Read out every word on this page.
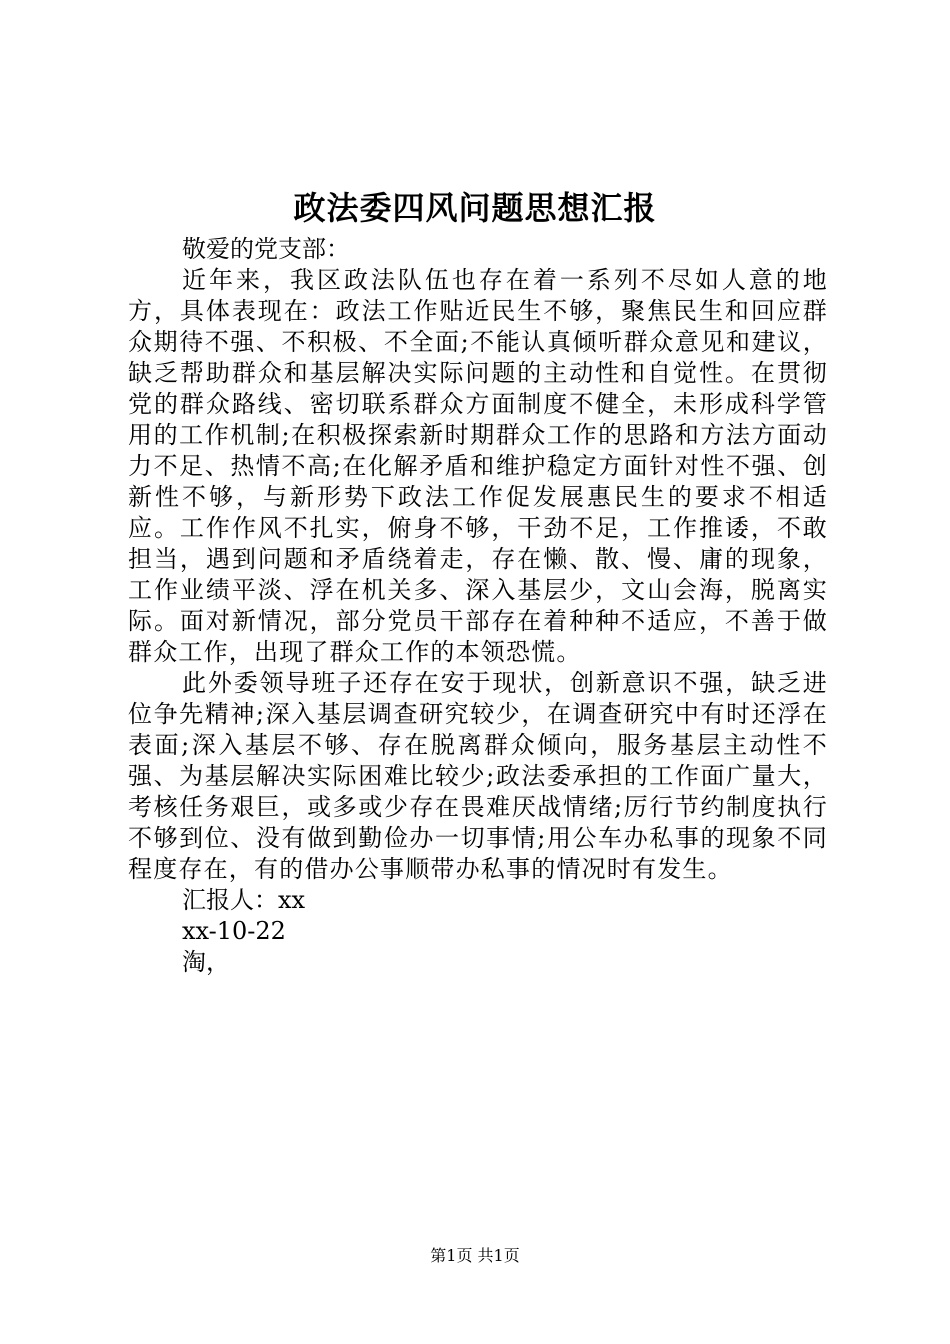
政法委四风问题思想汇报

敬爱的党支部：

近年来，我区政法队伍也存在着一系列不尽如人意的地方，具体表现在：政法工作贴近民生不够，聚焦民生和回应群众期待不强、不积极、不全面;不能认真倾听群众意见和建议，缺乏帮助群众和基层解决实际问题的主动性和自觉性。在贯彻党的群众路线、密切联系群众方面制度不健全，未形成科学管用的工作机制;在积极探索新时期群众工作的思路和方法方面动力不足、热情不高;在化解矛盾和维护稳定方面针对性不强、创新性不够，与新形势下政法工作促发展惠民生的要求不相适应。工作作风不扎实，俯身不够，干劲不足，工作推诿，不敢担当，遇到问题和矛盾绕着走，存在懒、散、慢、庸的现象，工作业绩平淡、浮在机关多、深入基层少，文山会海，脱离实际。面对新情况，部分党员干部存在着种种不适应，不善于做群众工作，出现了群众工作的本领恐慌。

此外委领导班子还存在安于现状，创新意识不强，缺乏进位争先精神;深入基层调查研究较少，在调查研究中有时还浮在表面;深入基层不够、存在脱离群众倾向，服务基层主动性不强、为基层解决实际困难比较少;政法委承担的工作面广量大，考核任务艰巨，或多或少存在畏难厌战情绪;厉行节约制度执行不够到位、没有做到勤俭办一切事情;用公车办私事的现象不同程度存在，有的借办公事顺带办私事的情况时有发生。

汇报人：xx

xx-10-22

淘，

第1页 共1页
